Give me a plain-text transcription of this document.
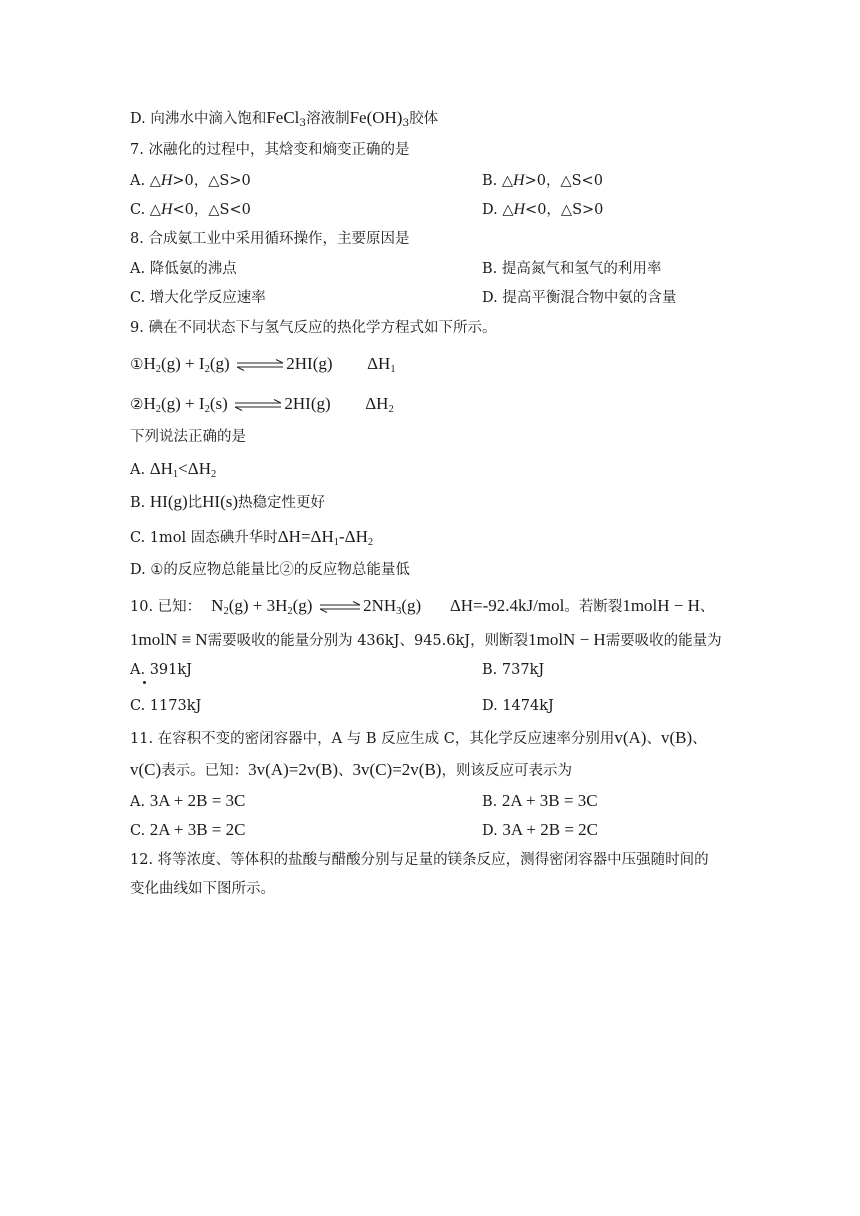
D. 向沸水中滴入饱和FeCl$_3$溶液制$Fe(OH)_3$胶体
7. 冰融化的过程中，其焓变和熵变正确的是
A. △H>0，△S>0	B. △H>0，△S<0
C. △H<0，△S<0	D. △H<0，△S>0
8. 合成氨工业中采用循环操作，主要原因是
A. 降低氨的沸点	B. 提高氮气和氢气的利用率
C. 增大化学反应速率	D. 提高平衡混合物中氨的含量
9. 碘在不同状态下与氢气反应的热化学方程式如下所示。
$①H_2(g) + I_2(g)$ ⇌ 2HI(g) $\Delta H_1$
$②H_2(g) + I_2(s)$ ⇌ 2HI(g) $\Delta H_2$
下列说法正确的是
A. $\Delta H_1<\Delta H_2$
B. HI(g)比HI(s)热稳定性更好
C. 1mol 固态碘升华时$\Delta H=\Delta H_1-\Delta H_2$
D. ①的反应物总能量比②的反应物总能量低
10. 已知： $N_2(g) + 3H_2(g)$ ⇌ $2NH_3(g)$ ΔH=-92.4kJ/mol。若断裂1molH − H、
1molN ≡ N需要吸收的能量分别为 436kJ、945.6kJ，则断裂1molN − H需要吸收的能量为
A. 391kJ	B. 737kJ
C. 1173kJ	D. 1474kJ
11. 在容积不变的密闭容器中，A 与 B 反应生成 C，其化学反应速率分别用v(A)、v(B)、
v(C)表示。已知：3v(A)=2v(B)、3v(C)=2v(B)，则该反应可表示为
A. 3A + 2B = 3C	B. 2A + 3B = 3C
C. 2A + 3B = 2C	D. 3A + 2B = 2C
12. 将等浓度、等体积的盐酸与醋酸分别与足量的镁条反应，测得密闭容器中压强随时间的
变化曲线如下图所示。
